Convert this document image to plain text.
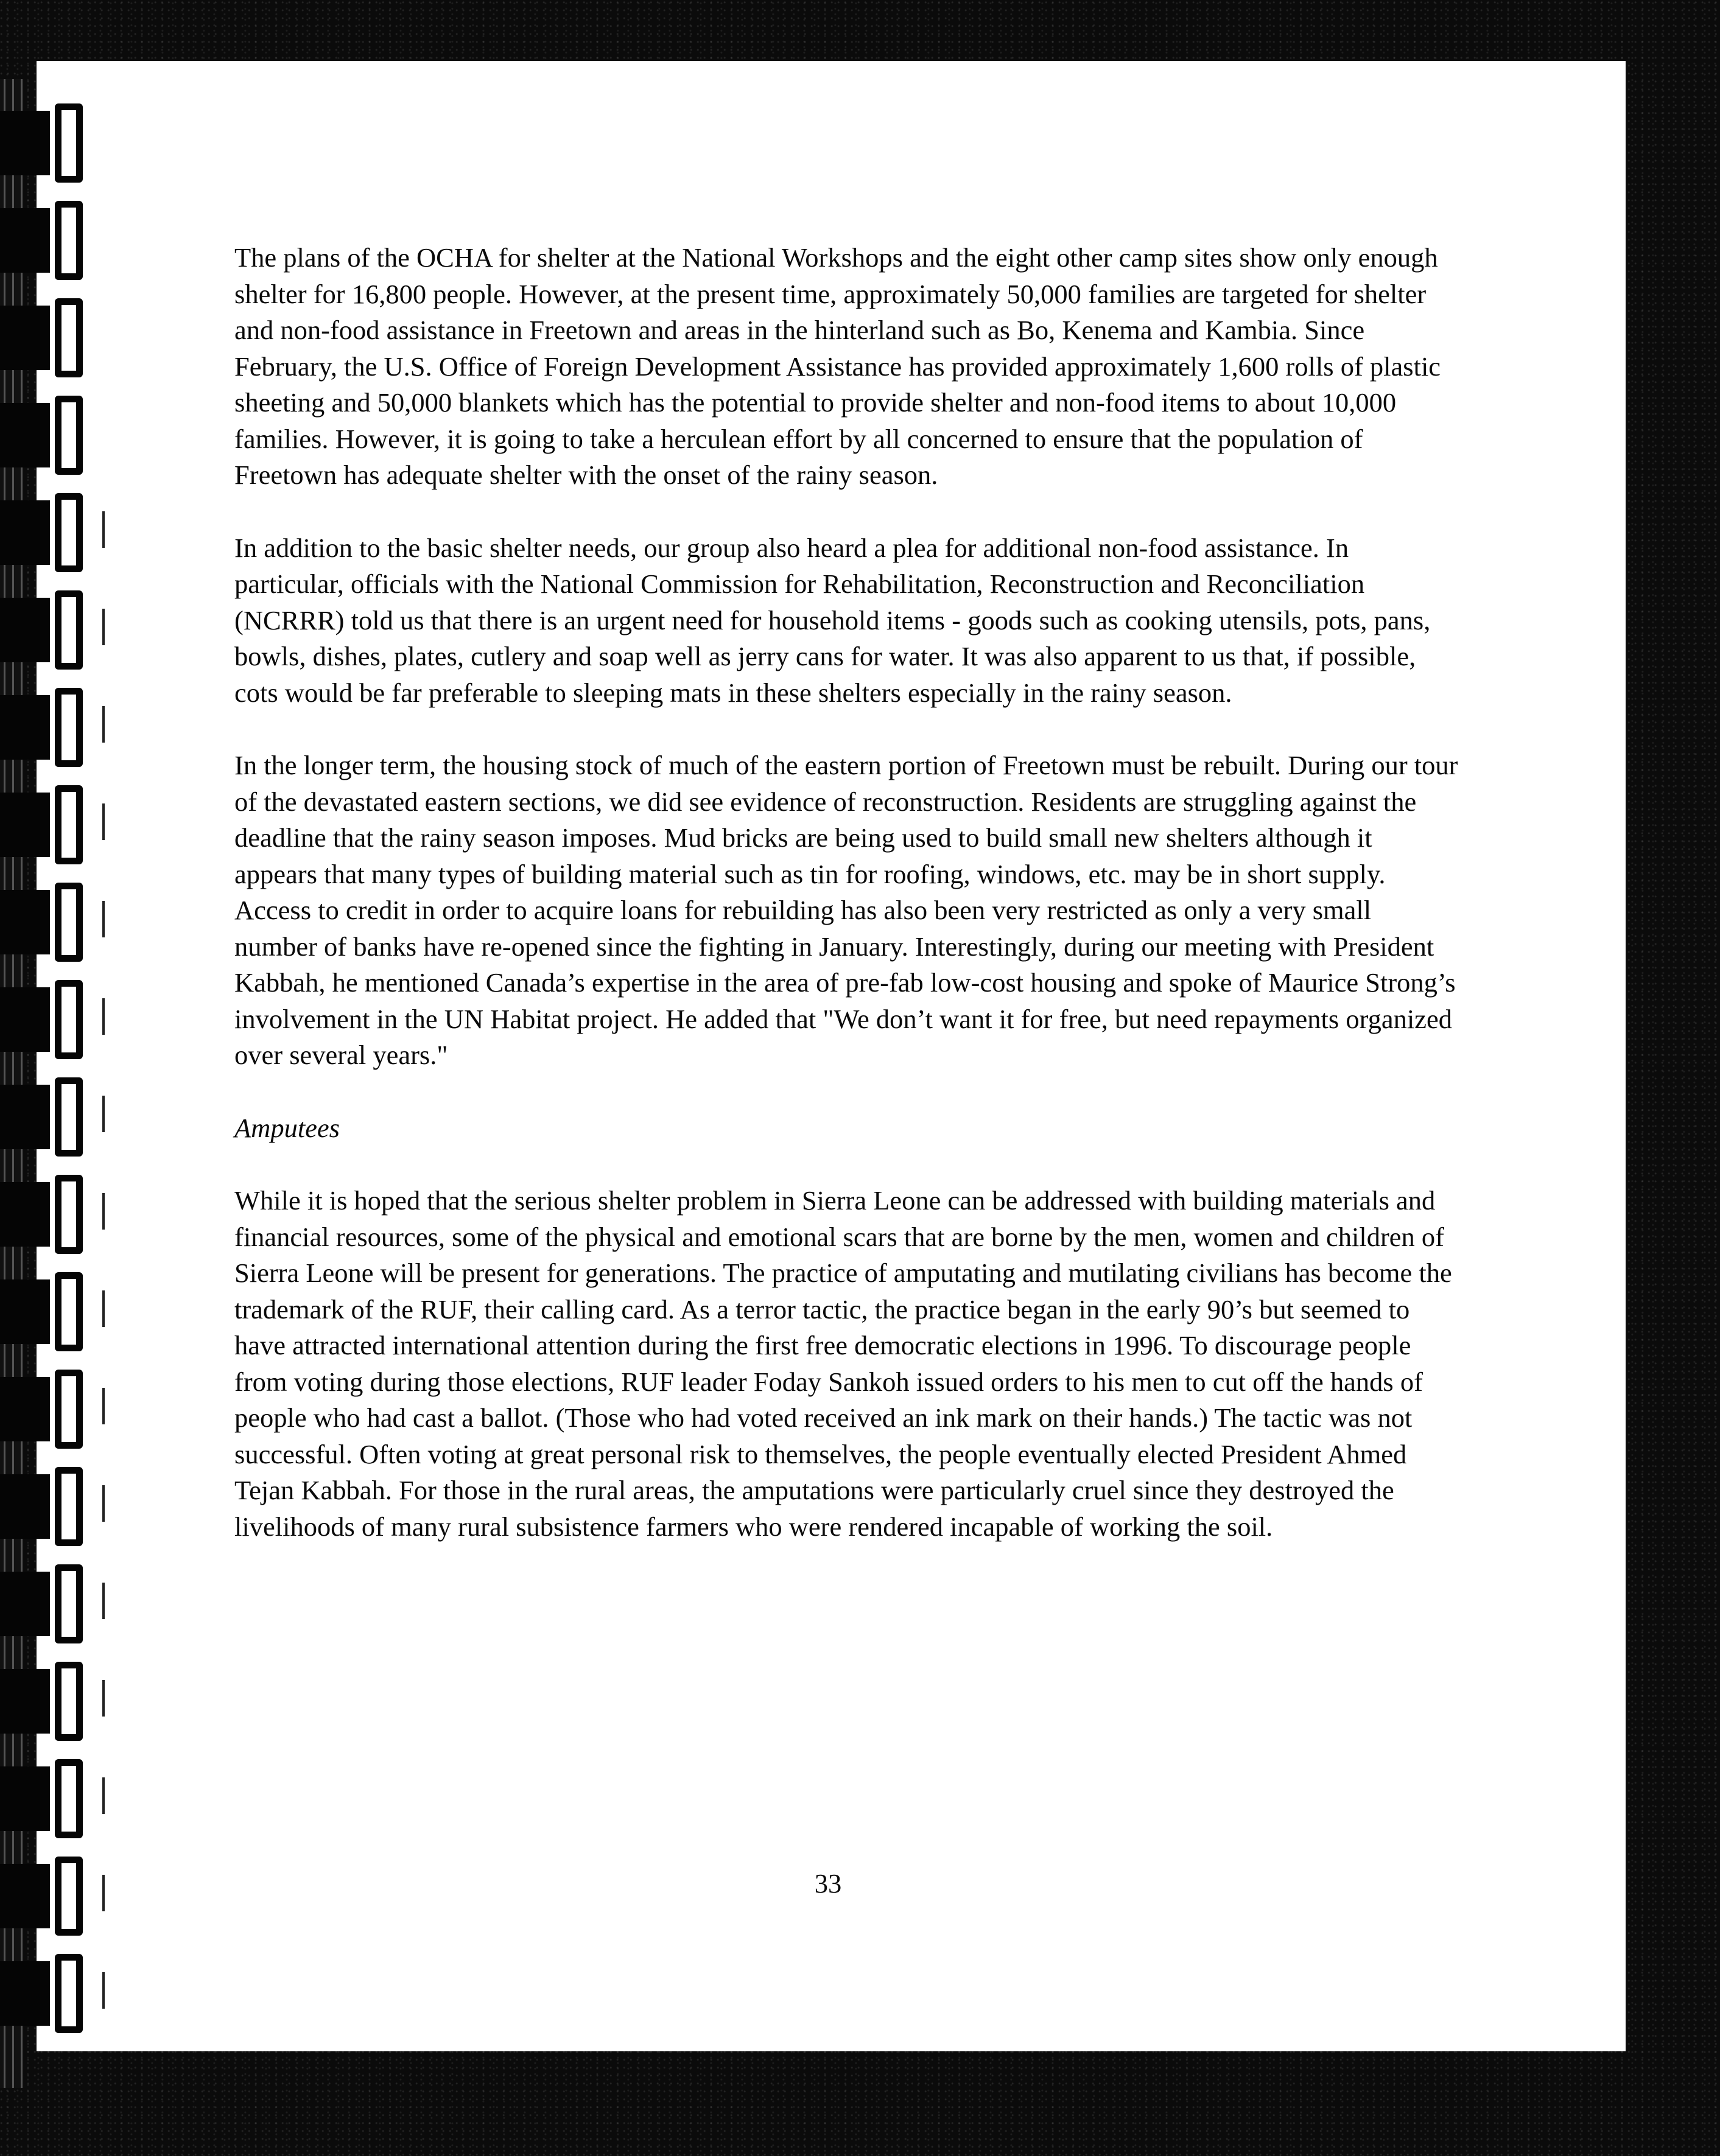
The plans of the OCHA for shelter at the National Workshops and the eight other camp sites show only enough shelter for 16,800 people. However, at the present time, approximately 50,000 families are targeted for shelter and non-food assistance in Freetown and areas in the hinterland such as Bo, Kenema and Kambia. Since February, the U.S. Office of Foreign Development Assistance has provided approximately 1,600 rolls of plastic sheeting and 50,000 blankets which has the potential to provide shelter and non-food items to about 10,000 families. However, it is going to take a herculean effort by all concerned to ensure that the population of Freetown has adequate shelter with the onset of the rainy season.

In addition to the basic shelter needs, our group also heard a plea for additional non-food assistance. In particular, officials with the National Commission for Rehabilitation, Reconstruction and Reconciliation (NCRRR) told us that there is an urgent need for household items - goods such as cooking utensils, pots, pans, bowls, dishes, plates, cutlery and soap well as jerry cans for water. It was also apparent to us that, if possible, cots would be far preferable to sleeping mats in these shelters especially in the rainy season.

In the longer term, the housing stock of much of the eastern portion of Freetown must be rebuilt. During our tour of the devastated eastern sections, we did see evidence of reconstruction. Residents are struggling against the deadline that the rainy season imposes. Mud bricks are being used to build small new shelters although it appears that many types of building material such as tin for roofing, windows, etc. may be in short supply. Access to credit in order to acquire loans for rebuilding has also been very restricted as only a very small number of banks have re-opened since the fighting in January. Interestingly, during our meeting with President Kabbah, he mentioned Canada’s expertise in the area of pre-fab low-cost housing and spoke of Maurice Strong’s involvement in the UN Habitat project. He added that "We don’t want it for free, but need repayments organized over several years."

Amputees

While it is hoped that the serious shelter problem in Sierra Leone can be addressed with building materials and financial resources, some of the physical and emotional scars that are borne by the men, women and children of Sierra Leone will be present for generations. The practice of amputating and mutilating civilians has become the trademark of the RUF, their calling card. As a terror tactic, the practice began in the early 90’s but seemed to have attracted international attention during the first free democratic elections in 1996. To discourage people from voting during those elections, RUF leader Foday Sankoh issued orders to his men to cut off the hands of people who had cast a ballot. (Those who had voted received an ink mark on their hands.) The tactic was not successful. Often voting at great personal risk to themselves, the people eventually elected President Ahmed Tejan Kabbah. For those in the rural areas, the amputations were particularly cruel since they destroyed the livelihoods of many rural subsistence farmers who were rendered incapable of working the soil.

33
